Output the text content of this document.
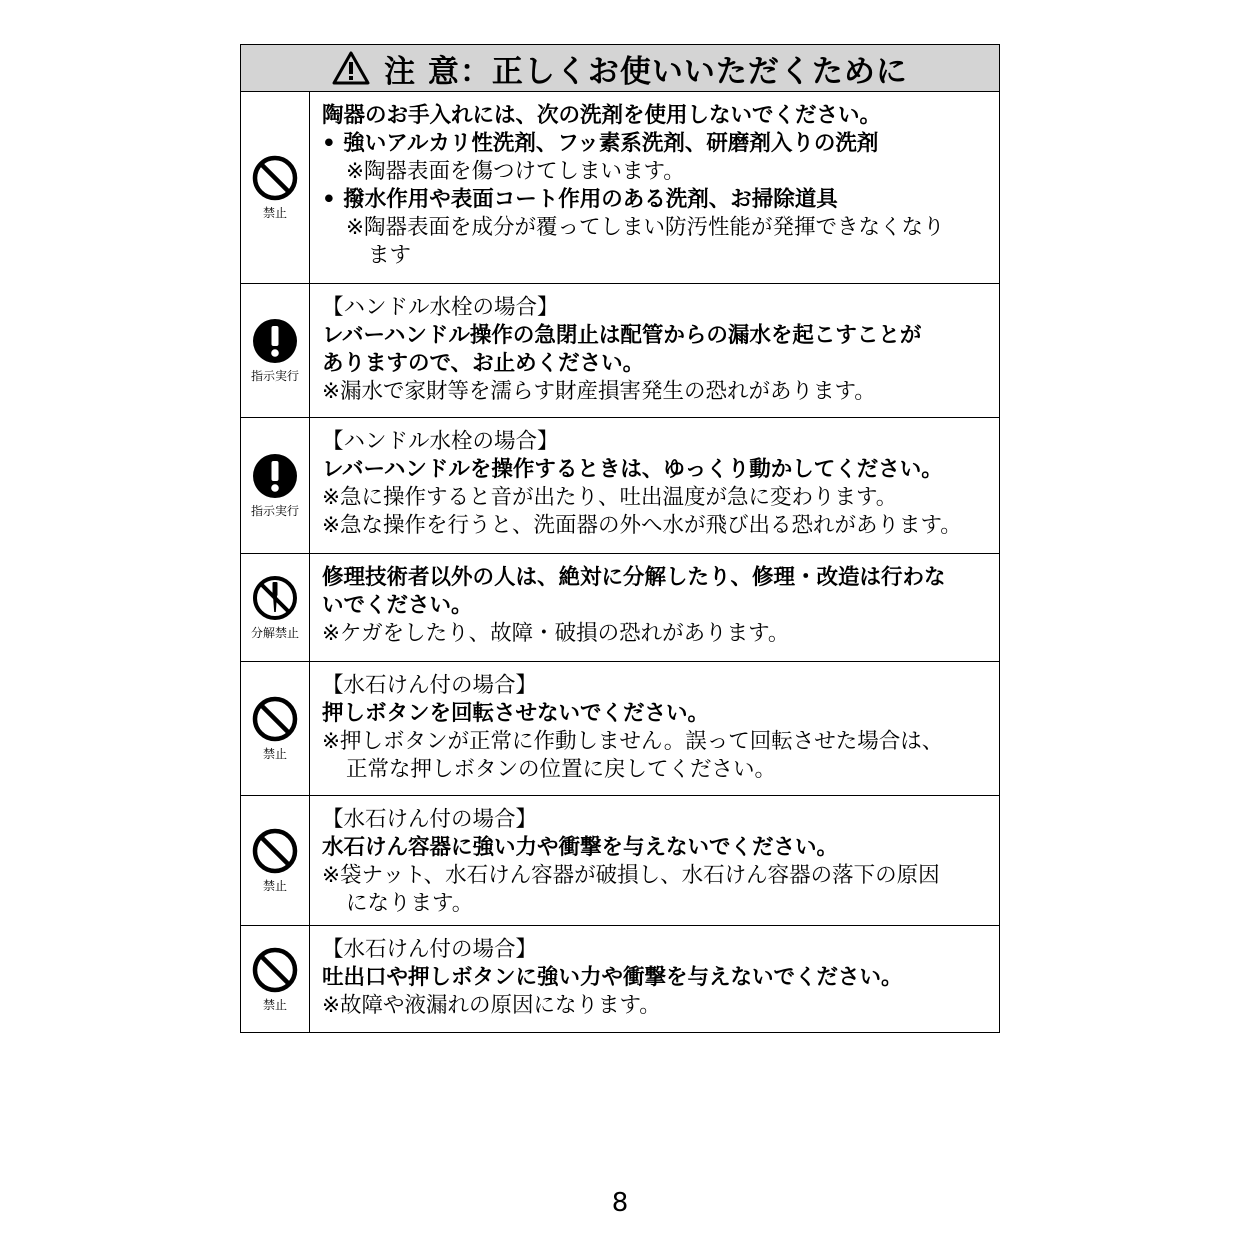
注 意：正しくお使いいただくために
禁止
陶器のお手入れには、次の洗剤を使用しないでください。
• 強いアルカリ性洗剤、フッ素系洗剤、研磨剤入りの洗剤
※陶器表面を傷つけてしまいます。
• 撥水作用や表面コート作用のある洗剤、お掃除道具
※陶器表面を成分が覆ってしまい防汚性能が発揮できなくなり
ます
指示実行
【ハンドル水栓の場合】
レバーハンドル操作の急閉止は配管からの漏水を起こすことが
ありますので、お止めください。
※漏水で家財等を濡らす財産損害発生の恐れがあります。
指示実行
【ハンドル水栓の場合】
レバーハンドルを操作するときは、ゆっくり動かしてください。
※急に操作すると音が出たり、吐出温度が急に変わります。
※急な操作を行うと、洗面器の外へ水が飛び出る恐れがあります。
分解禁止
修理技術者以外の人は、絶対に分解したり、修理・改造は行わな
いでください。
※ケガをしたり、故障・破損の恐れがあります。
禁止
【水石けん付の場合】
押しボタンを回転させないでください。
※押しボタンが正常に作動しません。誤って回転させた場合は、
正常な押しボタンの位置に戻してください。
禁止
【水石けん付の場合】
水石けん容器に強い力や衝撃を与えないでください。
※袋ナット、水石けん容器が破損し、水石けん容器の落下の原因
になります。
禁止
【水石けん付の場合】
吐出口や押しボタンに強い力や衝撃を与えないでください。
※故障や液漏れの原因になります。
8
